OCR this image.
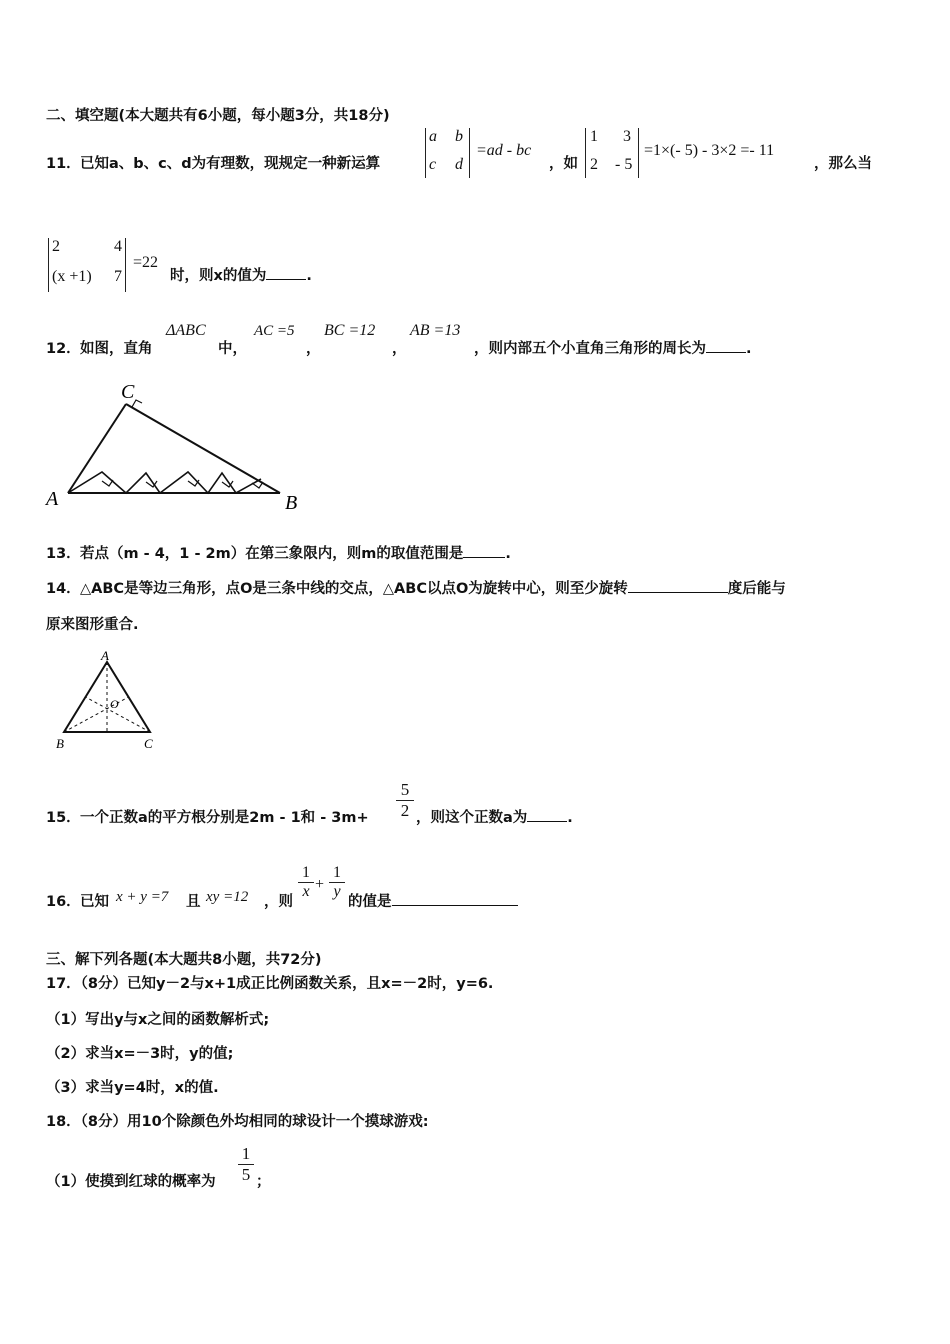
二、填空题(本大题共有6小题，每小题3分，共18分)
11． 已知a、b、c、d为有理数，现规定一种新运算
a b
c d
=ad - bc
，如
1 3
2 - 5
=1×(- 5) - 3×2 =- 11
，那么当
2	4
(x +1) 7
=22
时，则x的值为	.
12． 如图，直角
ΔABC
中，
AC =5
，
BC =12
，
AB =13
，则内部五个小直角三角形的周长为	.
C
A	B
13． 若点（m - 4，1 - 2m）在第三象限内，则m的取值范围是	.
14． △ABC是等边三角形，点O是三条中线的交点，△ABC以点O为旋转中心，则至少旋转	度后能与
原来图形重合.
A
B	C
O
15． 一个正数a的平方根分别是2m - 1和 - $3m+ \frac{5}{2}$ ，则这个正数a为	.
16． 已知 x + y =7 且 xy =12 ，则
$\frac{1}{x} + \frac{1}{y}$
的值是
三、解下列各题(本大题共8小题，共72分)
17．（8分）已知y－2与x+1成正比例函数关系，且x=－2时，y=6.
（1）写出y与x之间的函数解析式;
（2）求当x=－3时，y的值;
（3）求当y=4时，x的值.
18．（8分）用10个除颜色外均相同的球设计一个摸球游戏:
（1）使摸到红球的概率为 $\frac{1}{5}$ ；
